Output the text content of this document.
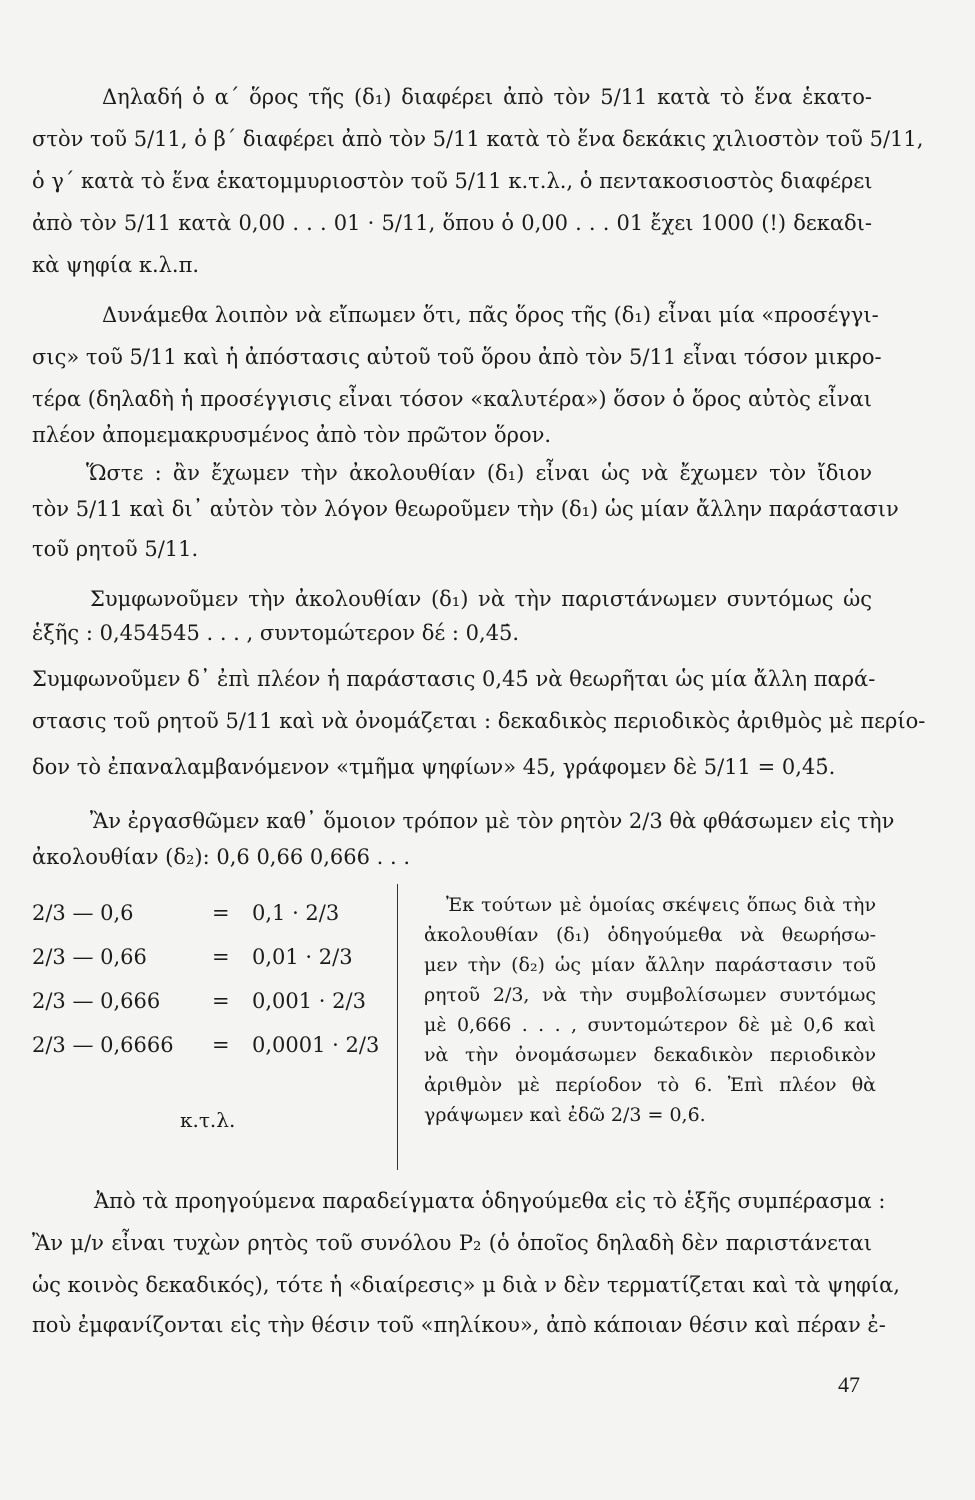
Δηλαδή ὁ α΄ ὅρος τῆς (δ₁) διαφέρει ἀπὸ τὸν 5/11 κατὰ τὸ ἕνα ἑκατο-
στὸν τοῦ 5/11, ὁ β΄ διαφέρει ἀπὸ τὸν 5/11 κατὰ τὸ ἕνα δεκάκις χιλιοστὸν τοῦ 5/11,
ὁ γ΄ κατὰ τὸ ἕνα ἑκατομμυριοστὸν τοῦ 5/11 κ.τ.λ., ὁ πεντακοσιοστὸς διαφέρει
ἀπὸ τὸν 5/11 κατὰ 0,00 . . . 01 · 5/11, ὅπου ὁ 0,00 . . . 01 ἔχει 1000 (!) δεκαδι-
κὰ ψηφία κ.λ.π.
Δυνάμεθα λοιπὸν νὰ εἴπωμεν ὅτι, πᾶς ὅρος τῆς (δ₁) εἶναι μία «προσέγγι-
σις» τοῦ 5/11 καὶ ἡ ἀπόστασις αὐτοῦ τοῦ ὅρου ἀπὸ τὸν 5/11 εἶναι τόσον μικρο-
τέρα (δηλαδὴ ἡ προσέγγισις εἶναι τόσον «καλυτέρα») ὅσον ὁ ὅρος αὐτὸς εἶναι
πλέον ἀπομεμακρυσμένος ἀπὸ τὸν πρῶτον ὅρον.
Ὥστε : ἂν ἔχωμεν τὴν ἀκολουθίαν (δ₁) εἶναι ὡς νὰ ἔχωμεν τὸν ἴδιον
τὸν 5/11 καὶ δι᾿ αὐτὸν τὸν λόγον θεωροῦμεν τὴν (δ₁) ὡς μίαν ἄλλην παράστασιν
τοῦ ρητοῦ 5/11.
Συμφωνοῦμεν τὴν ἀκολουθίαν (δ₁) νὰ τὴν παριστάνωμεν συντόμως ὡς
ἑξῆς : 0,454545 . . . , συντομώτερον δέ : 0,4̇5̇.
Συμφωνοῦμεν δ᾿ ἐπὶ πλέον ἡ παράστασις 0,4̇5̇ νὰ θεωρῆται ὡς μία ἄλλη παρά-
στασις τοῦ ρητοῦ 5/11 καὶ νὰ ὀνομάζεται : δεκαδικὸς περιοδικὸς ἀριθμὸς μὲ περίο-
δον τὸ ἐπαναλαμβανόμενον «τμῆμα ψηφίων» 45, γράφομεν δὲ 5/11 = 0,4̇5̇.
Ἂν ἐργασθῶμεν καθ᾿ ὅμοιον τρόπον μὲ τὸν ρητὸν 2/3 θὰ φθάσωμεν εἰς τὴν
ἀκολουθίαν (δ₂): 0,6 0,66 0,666 . . .
2/3 — 0,6	= 0,1 · 2/3
2/3 — 0,66	= 0,01 · 2/3
2/3 — 0,666 = 0,001 · 2/3
2/3 — 0,6666 = 0,0001 · 2/3
κ.τ.λ.
Ἐκ τούτων μὲ ὁμοίας σκέψεις ὅπως διὰ τὴν
ἀκολουθίαν (δ₁) ὁδηγούμεθα νὰ θεωρήσω-
μεν τὴν (δ₂) ὡς μίαν ἄλλην παράστασιν τοῦ
ρητοῦ 2/3, νὰ τὴν συμβολίσωμεν συντόμως
μὲ 0,666 . . . , συντομώτερον δὲ μὲ 0,6̇ καὶ
νὰ τὴν ὀνομάσωμεν δεκαδικὸν περιοδικὸν
ἀριθμὸν μὲ περίοδον τὸ 6. Ἐπὶ πλέον θὰ
γράψωμεν καὶ ἐδῶ 2/3 = 0,6̇.
Ἀπὸ τὰ προηγούμενα παραδείγματα ὁδηγούμεθα εἰς τὸ ἑξῆς συμπέρασμα :
Ἂν μ/ν εἶναι τυχὼν ρητὸς τοῦ συνόλου P₂ (ὁ ὁποῖος δηλαδὴ δὲν παριστάνεται
ὡς κοινὸς δεκαδικός), τότε ἡ «διαίρεσις» μ διὰ ν δὲν τερματίζεται καὶ τὰ ψηφία,
ποὺ ἐμφανίζονται εἰς τὴν θέσιν τοῦ «πηλίκου», ἀπὸ κάποιαν θέσιν καὶ πέραν ἐ-
47
